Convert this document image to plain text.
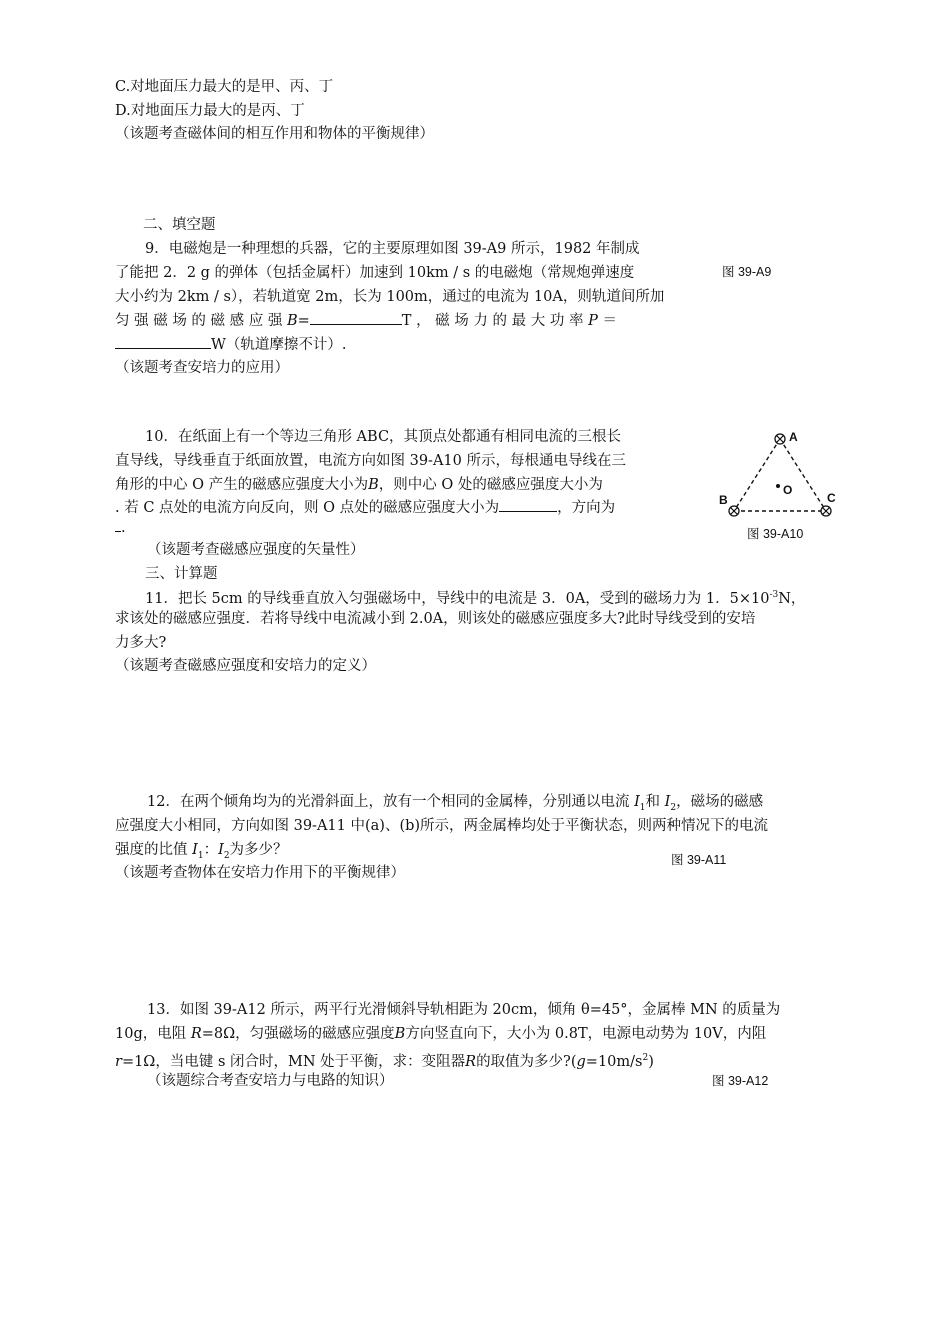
C.对地面压力最大的是甲、丙、丁
D.对地面压力最大的是丙、丁
（该题考查磁体间的相互作用和物体的平衡规律）
二、填空题
9．电磁炮是一种理想的兵器，它的主要原理如图 39-A9 所示，1982 年制成
了能把 2．2 g 的弹体（包括金属杆）加速到 10km / s 的电磁炮（常规炮弹速度
大小约为 2km / s），若轨道宽 2m，长为 100m，通过的电流为 10A，则轨道间所加
匀 强 磁 场 的 磁 感 应 强 B=	T ， 磁 场 力 的 最 大 功 率 P ＝
W（轨道摩擦不计）.
（该题考查安培力的应用）
图 39-A9
10．在纸面上有一个等边三角形 ABC，其顶点处都通有相同电流的三根长
直导线，导线垂直于纸面放置，电流方向如图 39-A10 所示，每根通电导线在三
角形的中心 O 产生的磁感应强度大小为B，则中心 O 处的磁感应强度大小为
. 若 C 点处的电流方向反向，则 O 点处的磁感应强度大小为	，方向为
.
（该题考查磁感应强度的矢量性）
A
B	C
O
图 39-A10
三、计算题
11．把长 5cm 的导线垂直放入匀强磁场中，导线中的电流是 3．0A，受到的磁场力为 1．$5\times 10^{-3}N$，
求该处的磁感应强度．若将导线中电流减小到 2.0A，则该处的磁感应强度多大?此时导线受到的安培
力多大?
（该题考查磁感应强度和安培力的定义）
12．在两个倾角均为的光滑斜面上，放有一个相同的金属棒，分别通以电流 $I_1$和 $I_2$，磁场的磁感
应强度大小相同，方向如图 39-A11 中(a)、(b)所示，两金属棒均处于平衡状态，则两种情况下的电流
强度的比值 $I_1$：$I_2$为多少？
（该题考查物体在安培力作用下的平衡规律）
图 39-A11
13．如图 39-A12 所示，两平行光滑倾斜导轨相距为 20cm，倾角 θ=45°，金属棒 MN 的质量为
10g，电阻 R=8Ω，匀强磁场的磁感应强度B方向竖直向下，大小为 0.8T，电源电动势为 10V，内阻
r=1Ω，当电键 s 闭合时，MN 处于平衡，求：变阻器R的取值为多少$?(g=10m/s^2)$
（该题综合考查安培力与电路的知识）	图 39-A12
